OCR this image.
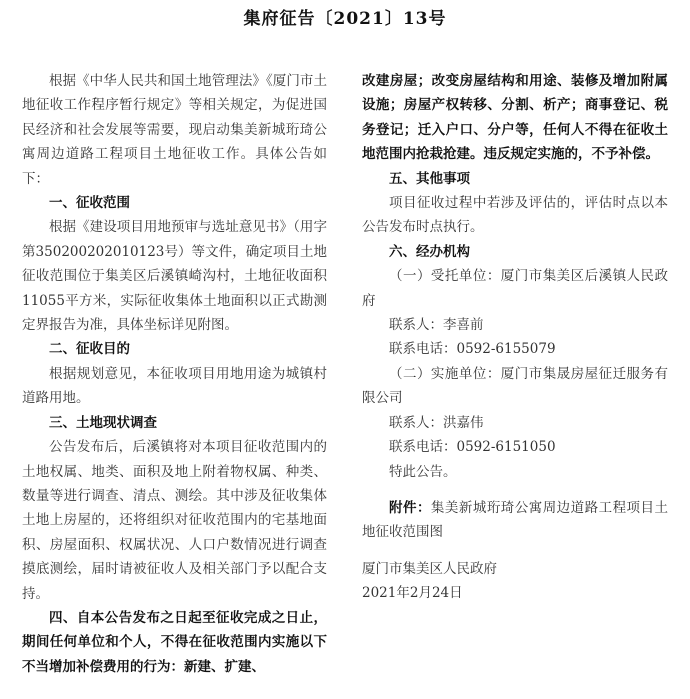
集府征告〔2021〕13号

根据《中华人民共和国土地管理法》《厦门市土地征收工作程序暂行规定》等相关规定，为促进国民经济和社会发展等需要，现启动集美新城珩琦公寓周边道路工程项目土地征收工作。具体公告如下：

一、征收范围

根据《建设项目用地预审与选址意见书》（用字第350200202010123号）等文件，确定项目土地征收范围位于集美区后溪镇崎沟村，土地征收面积11055平方米，实际征收集体土地面积以正式勘测定界报告为准，具体坐标详见附图。

二、征收目的

根据规划意见，本征收项目用地用途为城镇村道路用地。

三、土地现状调查

公告发布后，后溪镇将对本项目征收范围内的土地权属、地类、面积及地上附着物权属、种类、数量等进行调查、清点、测绘。其中涉及征收集体土地上房屋的，还将组织对征收范围内的宅基地面积、房屋面积、权属状况、人口户数情况进行调查摸底测绘，届时请被征收人及相关部门予以配合支持。

四、自本公告发布之日起至征收完成之日止，期间任何单位和个人，不得在征收范围内实施以下不当增加补偿费用的行为：新建、扩建、

改建房屋；改变房屋结构和用途、装修及增加附属设施；房屋产权转移、分割、析产；商事登记、税务登记；迁入户口、分户等，任何人不得在征收土地范围内抢栽抢建。违反规定实施的，不予补偿。

五、其他事项

项目征收过程中若涉及评估的，评估时点以本公告发布时点执行。

六、经办机构

（一）受托单位：厦门市集美区后溪镇人民政府

联系人：李喜前

联系电话：0592-6155079

（二）实施单位：厦门市集晟房屋征迁服务有限公司

联系人：洪嘉伟

联系电话：0592-6151050

特此公告。

附件：集美新城珩琦公寓周边道路工程项目土地征收范围图

厦门市集美区人民政府

2021年2月24日
